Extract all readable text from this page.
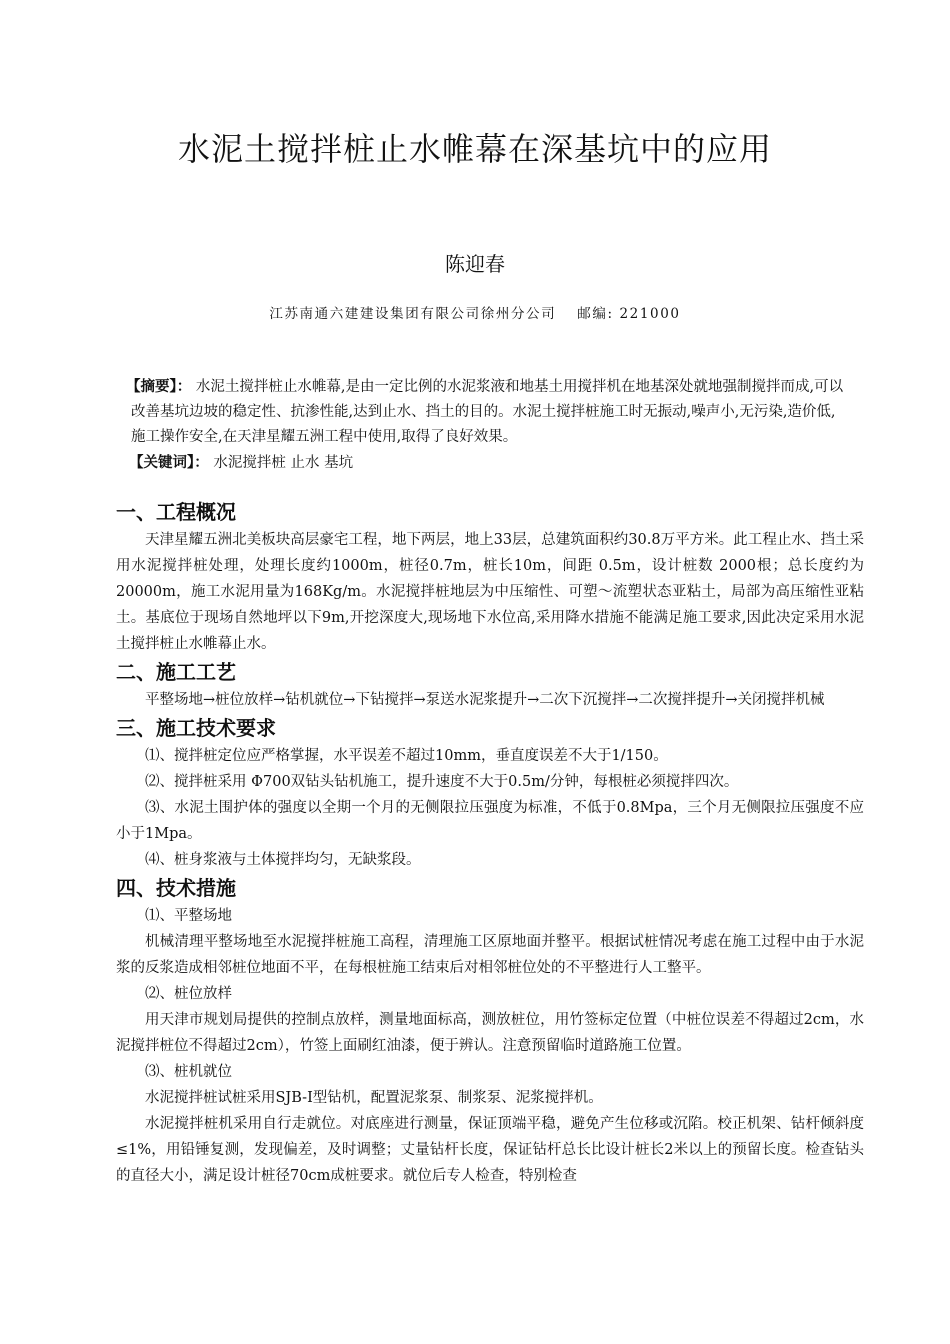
水泥土搅拌桩止水帷幕在深基坑中的应用
陈迎春
江苏南通六建建设集团有限公司徐州分公司　 邮编: 221000

【摘要】： 水泥土搅拌桩止水帷幕,是由一定比例的水泥浆液和地基土用搅拌机在地基深处就地强制搅拌而成,可以改善基坑边坡的稳定性、抗渗性能,达到止水、挡土的目的。水泥土搅拌桩施工时无振动,噪声小,无污染,造价低,施工操作安全,在天津星耀五洲工程中使用,取得了良好效果。

【关键词】： 水泥搅拌桩 止水 基坑

一、工程概况

天津星耀五洲北美板块高层豪宅工程，地下两层，地上33层，总建筑面积约30.8万平方米。此工程止水、挡土采用水泥搅拌桩处理，处理长度约1000m，桩径0.7m，桩长10m，间距 0.5m，设计桩数 2000根；总长度约为 20000m，施工水泥用量为168Kg/m。水泥搅拌桩地层为中压缩性、可塑～流塑状态亚粘土，局部为高压缩性亚粘土。基底位于现场自然地坪以下9m,开挖深度大,现场地下水位高,采用降水措施不能满足施工要求,因此决定采用水泥土搅拌桩止水帷幕止水。

二、施工工艺

平整场地→桩位放样→钻机就位→下钻搅拌→泵送水泥浆提升→二次下沉搅拌→二次搅拌提升→关闭搅拌机械

三、施工技术要求

⑴、搅拌桩定位应严格掌握，水平误差不超过10mm，垂直度误差不大于1/150。

⑵、搅拌桩采用 Φ700双钻头钻机施工，提升速度不大于0.5m/分钟，每根桩必须搅拌四次。

⑶、水泥土围护体的强度以全期一个月的无侧限拉压强度为标准，不低于0.8Mpa，三个月无侧限拉压强度不应小于1Mpa。

⑷、桩身浆液与土体搅拌均匀，无缺浆段。

四、技术措施

⑴、平整场地

机械清理平整场地至水泥搅拌桩施工高程，清理施工区原地面并整平。根据试桩情况考虑在施工过程中由于水泥浆的反浆造成相邻桩位地面不平，在每根桩施工结束后对相邻桩位处的不平整进行人工整平。

⑵、桩位放样

用天津市规划局提供的控制点放样，测量地面标高，测放桩位，用竹签标定位置（中桩位误差不得超过2cm，水泥搅拌桩位不得超过2cm），竹签上面刷红油漆，便于辨认。注意预留临时道路施工位置。

⑶、桩机就位

水泥搅拌桩试桩采用SJB-I型钻机，配置泥浆泵、制浆泵、泥浆搅拌机。

水泥搅拌桩机采用自行走就位。对底座进行测量，保证顶端平稳，避免产生位移或沉陷。校正机架、钻杆倾斜度≤1%，用铅锤复测，发现偏差，及时调整；丈量钻杆长度，保证钻杆总长比设计桩长2米以上的预留长度。检查钻头的直径大小，满足设计桩径70cm成桩要求。就位后专人检查，特别检查
